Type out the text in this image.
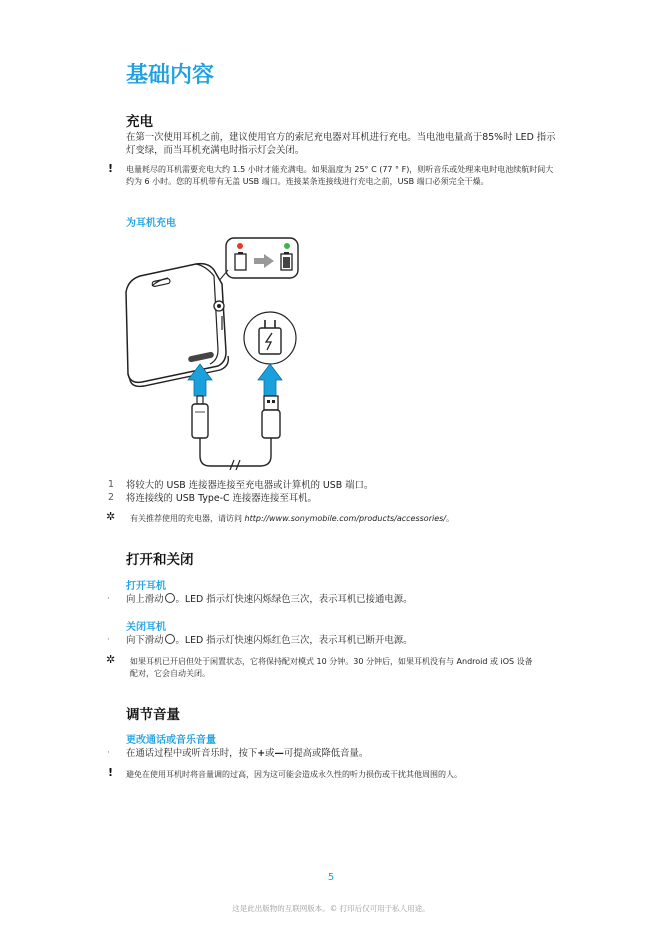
基础内容
充电
在第一次使用耳机之前，建议使用官方的索尼充电器对耳机进行充电。当电池电量高于85%时 LED 指示灯变绿，而当耳机充满电时指示灯会关闭。
! 电量耗尽的耳机需要充电大约 1.5 小时才能充满电。如果温度为 25° C (77 ° F)，则听音乐或处理来电时电池续航时间大约为 6 小时。您的耳机带有无盖 USB 端口。连接某条连接线进行充电之前，USB 端口必须完全干燥。
为耳机充电
1 将较大的 USB 连接器连接至充电器或计算机的 USB 端口。
2 将连接线的 USB Type-C 连接器连接至耳机。
✲ 有关推荐使用的充电器，请访问 http://www.sonymobile.com/products/accessories/。
打开和关闭
打开耳机
· 向上滑动 。LED 指示灯快速闪烁绿色三次，表示耳机已接通电源。
关闭耳机
· 向下滑动 。LED 指示灯快速闪烁红色三次，表示耳机已断开电源。
✲ 如果耳机已开启但处于闲置状态，它将保持配对模式 10 分钟。30 分钟后，如果耳机没有与 Android 或 iOS 设备配对，它会自动关闭。
调节音量
更改通话或音乐音量
· 在通话过程中或听音乐时，按下+或—可提高或降低音量。
! 避免在使用耳机时将音量调的过高，因为这可能会造成永久性的听力损伤或干扰其他周围的人。
5
这是此出版物的互联网版本。© 打印后仅可用于私人用途。
